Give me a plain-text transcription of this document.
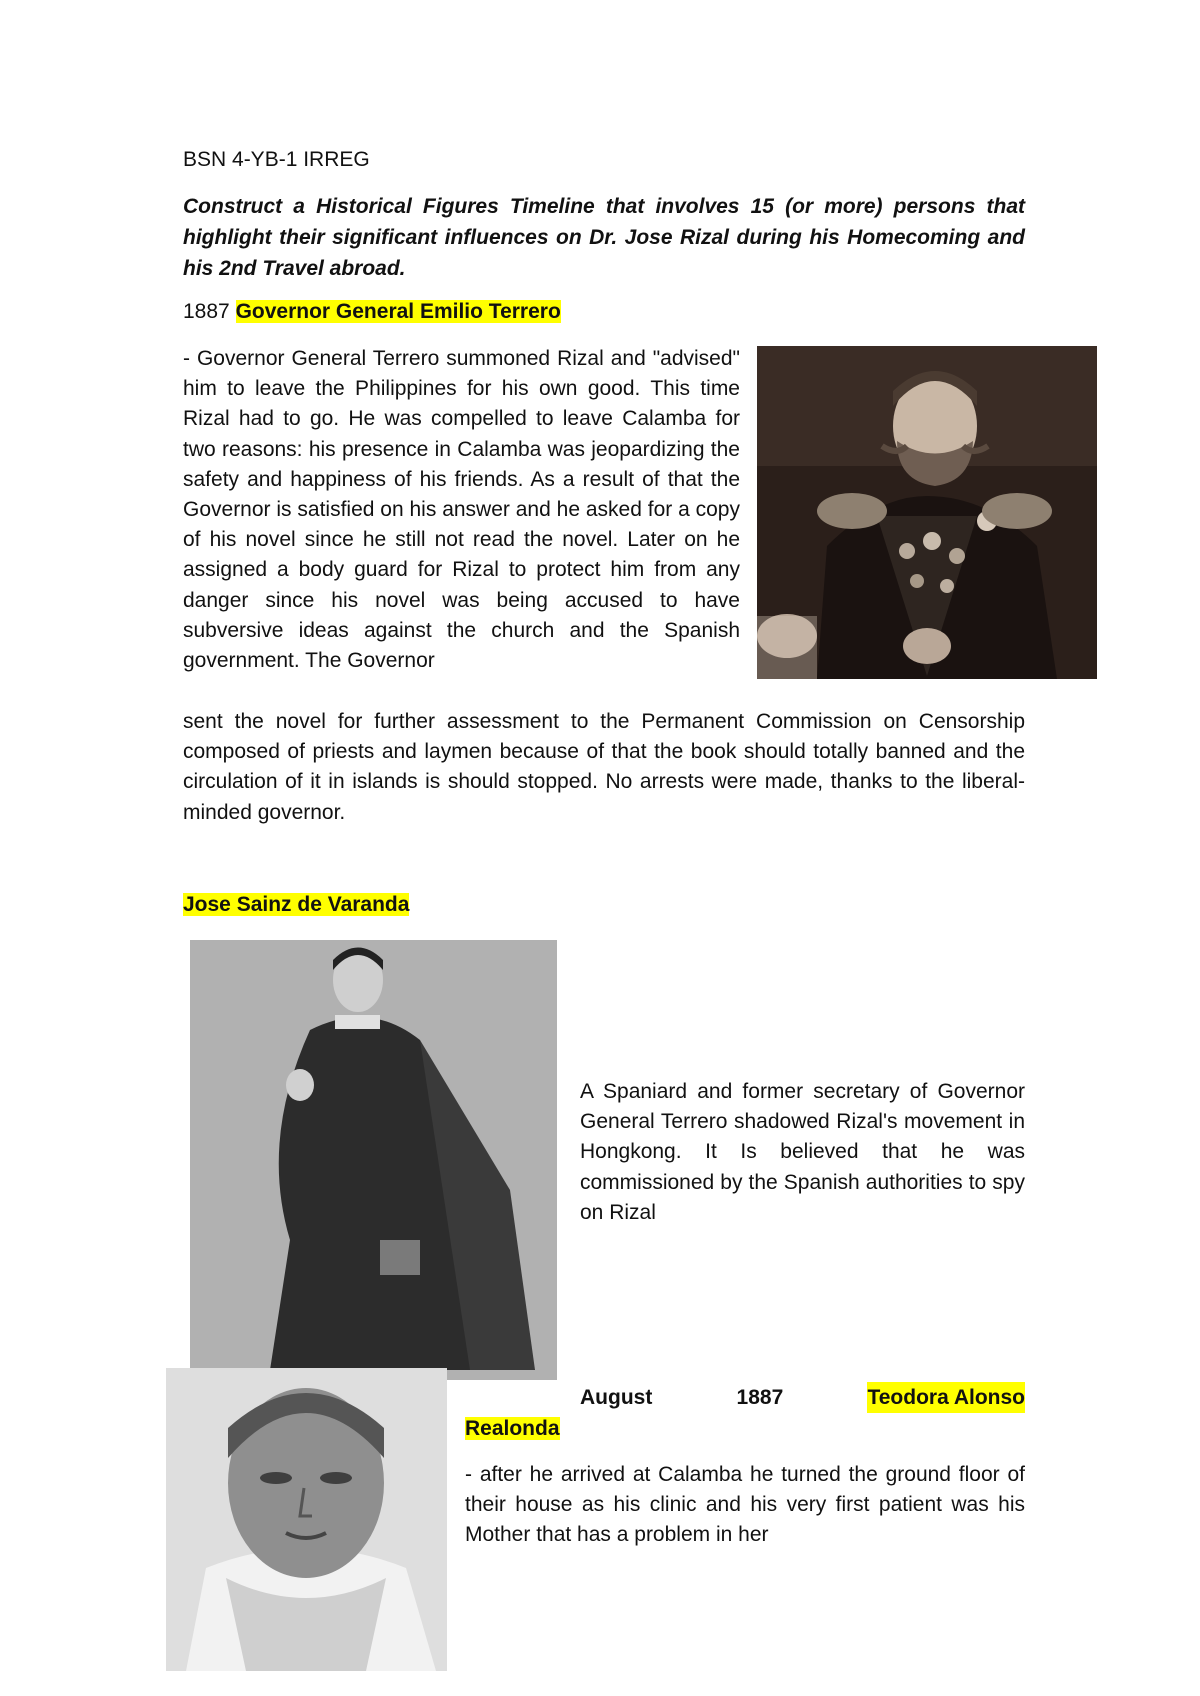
BSN 4-YB-1 IRREG
Construct a Historical Figures Timeline that involves 15 (or more) persons that highlight their significant influences on Dr. Jose Rizal during his Homecoming and his 2nd Travel abroad.
1887 Governor General Emilio Terrero
- Governor General Terrero summoned Rizal and "advised" him to leave the Philippines for his own good. This time Rizal had to go. He was compelled to leave Calamba for two reasons: his presence in Calamba was jeopardizing the safety and happiness of his friends. As a result of that the Governor is satisfied on his answer and he asked for a copy of his novel since he still not read the novel. Later on he assigned a body guard for Rizal to protect him from any danger since his novel was being accused to have subversive ideas against the church and the Spanish government. The Governor
sent the novel for further assessment to the Permanent Commission on Censorship composed of priests and laymen because of that the book should totally banned and the circulation of it in islands is should stopped. No arrests were made, thanks to the liberal-minded governor.
Jose Sainz de Varanda
A Spaniard and former secretary of Governor General Terrero shadowed Rizal's movement in Hongkong. It Is believed that he was commissioned by the Spanish authorities to spy on Rizal
August	1887	Teodora Alonso
Realonda
- after he arrived at Calamba he turned the ground floor of their house as his clinic and his very first patient was his Mother that has a problem in her
